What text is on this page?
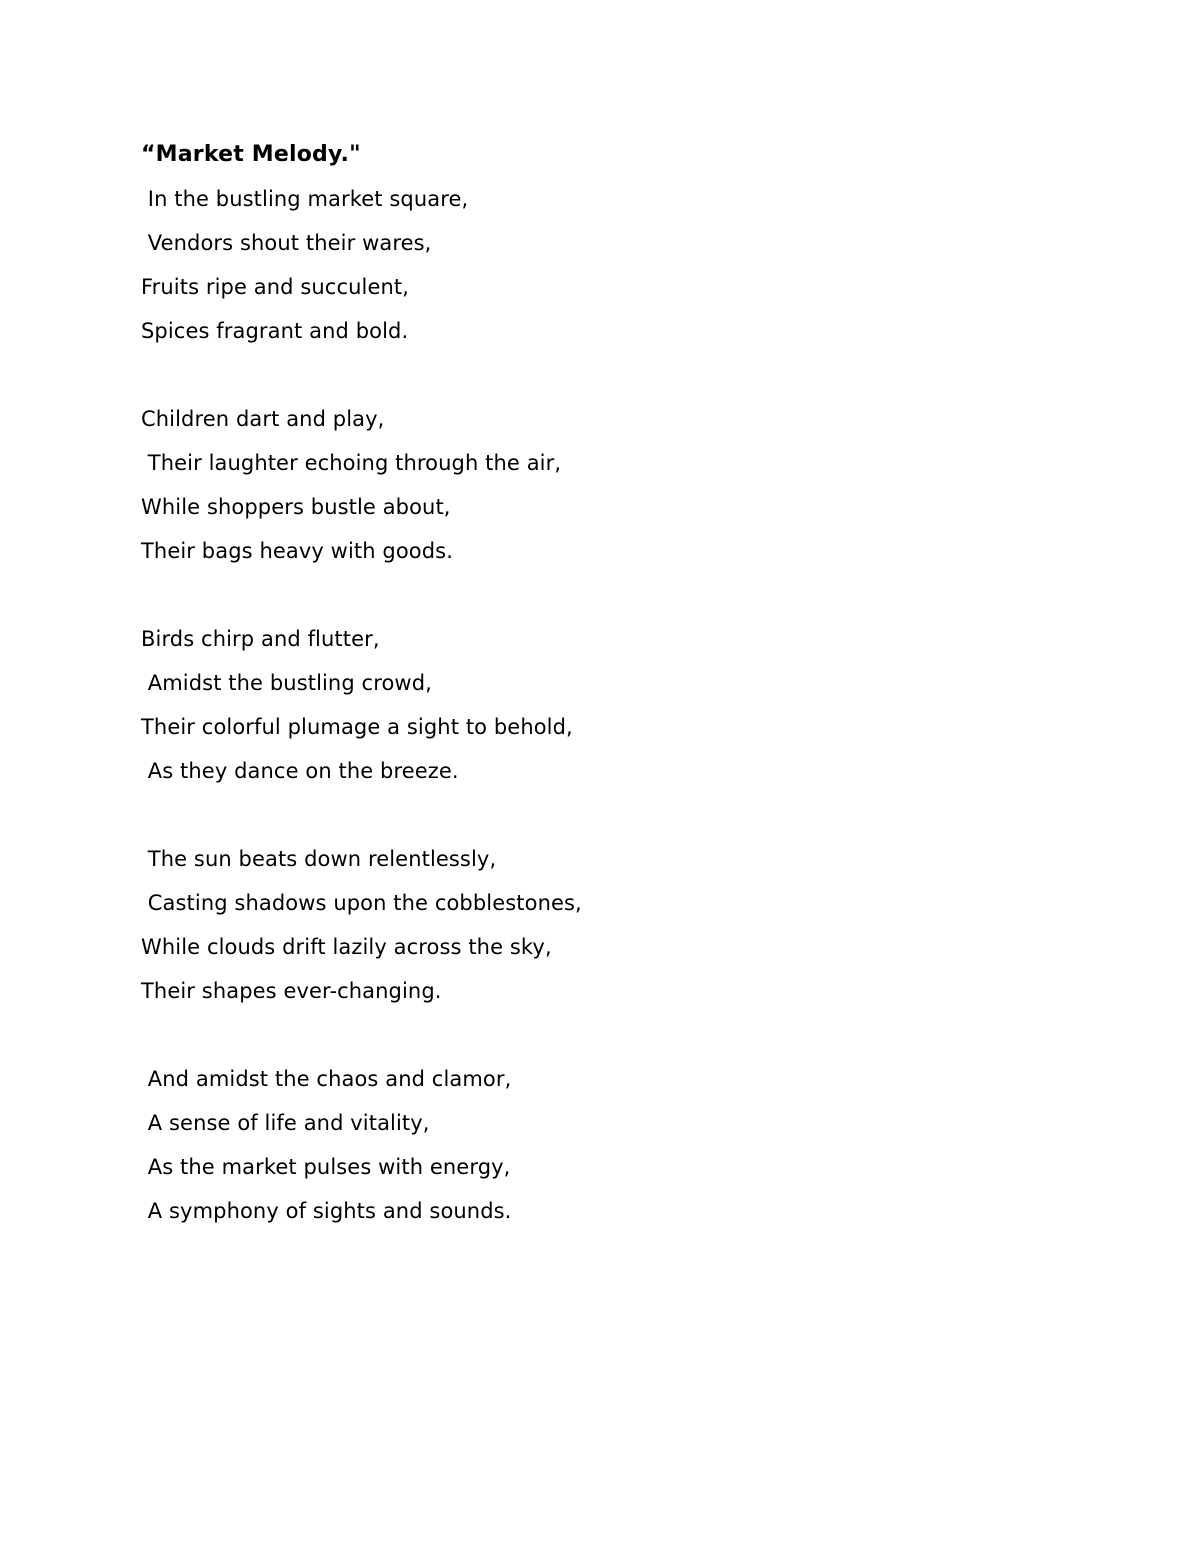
“Market Melody."
In the bustling market square,
Vendors shout their wares,
Fruits ripe and succulent,
Spices fragrant and bold.
Children dart and play,
Their laughter echoing through the air,
While shoppers bustle about,
Their bags heavy with goods.
Birds chirp and flutter,
Amidst the bustling crowd,
Their colorful plumage a sight to behold,
As they dance on the breeze.
The sun beats down relentlessly,
Casting shadows upon the cobblestones,
While clouds drift lazily across the sky,
Their shapes ever-changing.
And amidst the chaos and clamor,
A sense of life and vitality,
As the market pulses with energy,
A symphony of sights and sounds.
